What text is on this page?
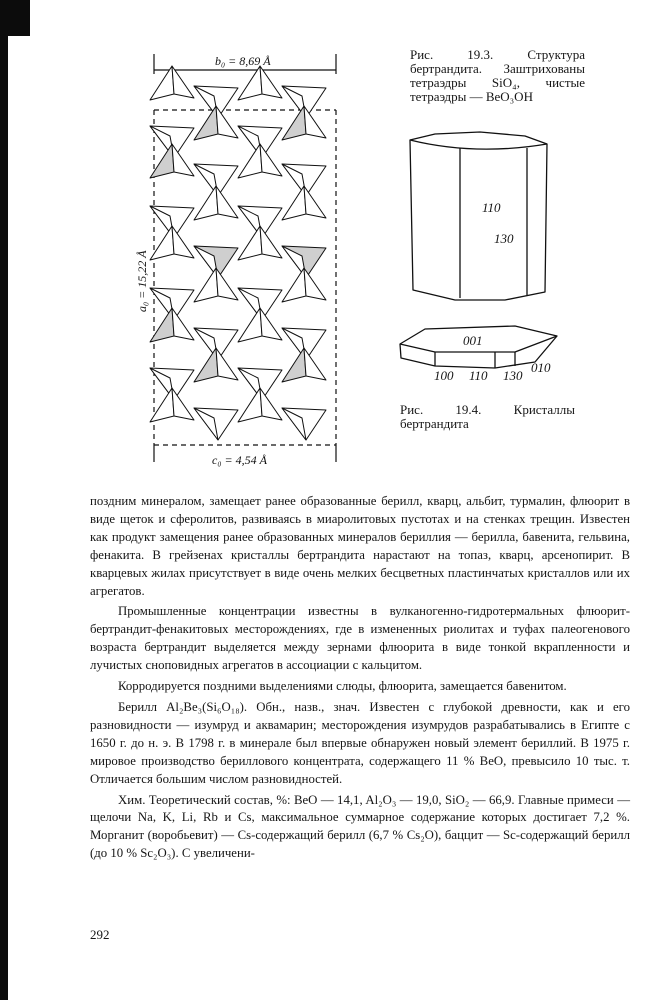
b₀ = 8,69 Å
a₀ = 15,22 Å
c₀ = 4,54 Å
Рис. 19.3. Структура бертрандита. Заштрихованы тетраэдры SiO₄, чистые тетраэдры — BeO₃OH
110
130
001
100 110 130
010
Рис. 19.4. Кристаллы бертрандита

поздним минералом, замещает ранее образованные берилл, кварц, альбит, турмалин, флюорит в виде щеток и сферолитов, развиваясь в миаролитовых пустотах и на стенках трещин. Известен как продукт замещения ранее образованных минералов бериллия — берилла, бавенита, гельвина, фенакита. В грейзенах кристаллы бертрандита нарастают на топаз, кварц, арсенопирит. В кварцевых жилах присутствует в виде очень мелких бесцветных пластинчатых кристаллов или их агрегатов.

Промышленные концентрации известны в вулканогенно-гидротермальных флюорит-бертрандит-фенакитовых месторождениях, где в измененных риолитах и туфах палеогенового возраста бертрандит выделяется между зернами флюорита в виде тонкой вкрапленности и лучистых снопoвидных агрегатов в ассоциации с кальцитом.

Корродируется поздними выделениями слюды, флюорита, замещается бавенитом.

Берилл Al₂Be₃(Si₆O₁₈). Обн., назв., знач. Известен с глубокой древности, как и его разновидности — изумруд и аквамарин; месторождения изумрудов разрабатывались в Египте с 1650 г. до н. э. В 1798 г. в минерале был впервые обнаружен новый элемент бериллий. В 1975 г. мировое производство бериллового концентрата, содержащего 11 % BeO, превысило 10 тыс. т. Отличается большим числом разновидностей.

Хим. Теоретический состав, %: BeO — 14,1, Al₂O₃ — 19,0, SiO₂ — 66,9. Главные примеси — щелочи Na, K, Li, Rb и Cs, максимальное суммарное содержание которых достигает 7,2 %. Морганит (воробьевит) — Cs-содержащий берилл (6,7 % Cs₂O), баццит — Sc-содержащий берилл (до 10 % Sc₂O₃). С увеличени-

292
